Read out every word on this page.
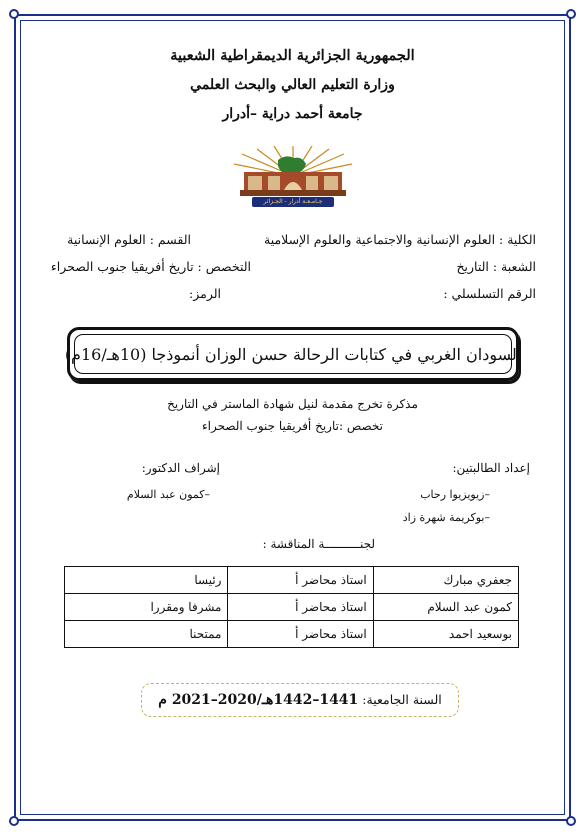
الجمهورية الجزائرية الديمقراطية الشعبية
وزارة التعليم العالي والبحث العلمي
جامعة أحمد دراية –أدرار
جـامـعـة أدرار - الجـزائر
الكلية : العلوم الإنسانية والاجتماعية والعلوم الإسلامية
القسم : العلوم الإنسانية
الشعبة : التاريخ
التخصص : تاريخ أفريقيا جنوب الصحراء
الرقم التسلسلي :
الرمز:
السودان الغربي في كتابات الرحالة حسن الوزان أنموذجا (10هـ/16م)
مذكرة تخرج مقدمة لنيل شهادة الماستر في التاريخ
تخصص :تاريخ أفريقيا جنوب الصحراء
إعداد الطالبتين:
–زيويزيوا رحاب
–بوكريمة شهرة زاد
إشراف الدكتور:
–كمون عبد السلام
لجنــــــــــة المناقشة :
جعفري مبارك	استاذ محاضر أ	رئيسا
كمون عبد السلام	استاذ محاضر أ	مشرفا ومقررا
بوسعيد احمد	استاذ محاضر أ	ممتحنا
السنة الجامعية: 1441–1442هـ/2020–2021 م
